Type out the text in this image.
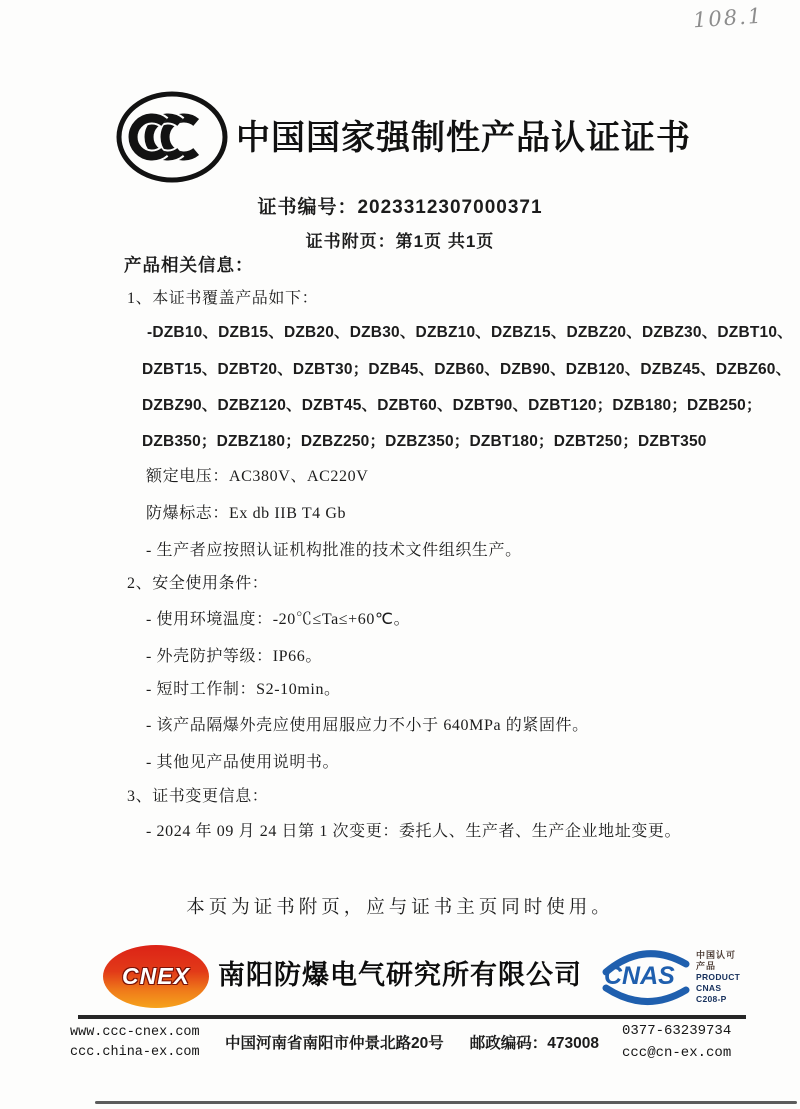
108.1
中国国家强制性产品认证证书
证书编号：2023312307000371
证书附页：第1页 共1页
产品相关信息：
1、本证书覆盖产品如下：
-DZB10、DZB15、DZB20、DZB30、DZBZ10、DZBZ15、DZBZ20、DZBZ30、DZBT10、
DZBT15、DZBT20、DZBT30；DZB45、DZB60、DZB90、DZB120、DZBZ45、DZBZ60、
DZBZ90、DZBZ120、DZBT45、DZBT60、DZBT90、DZBT120；DZB180；DZB250；
DZB350；DZBZ180；DZBZ250；DZBZ350；DZBT180；DZBT250；DZBT350
额定电压：AC380V、AC220V
防爆标志：Ex db IIB T4 Gb
- 生产者应按照认证机构批准的技术文件组织生产。
2、安全使用条件：
- 使用环境温度：-20℃≤Ta≤+60℃。
- 外壳防护等级：IP66。
- 短时工作制：S2-10min。
- 该产品隔爆外壳应使用屈服应力不小于 640MPa 的紧固件。
- 其他见产品使用说明书。
3、证书变更信息：
- 2024 年 09 月 24 日第 1 次变更：委托人、生产者、生产企业地址变更。
本页为证书附页，应与证书主页同时使用。
CNEX 南阳防爆电气研究所有限公司 CNAS
中国认可
产品
PRODUCT
CNAS C208-P
www.ccc-cnex.com
ccc.china-ex.com
中国河南省南阳市仲景北路20号 邮政编码：473008
0377-63239734
ccc@cn-ex.com
